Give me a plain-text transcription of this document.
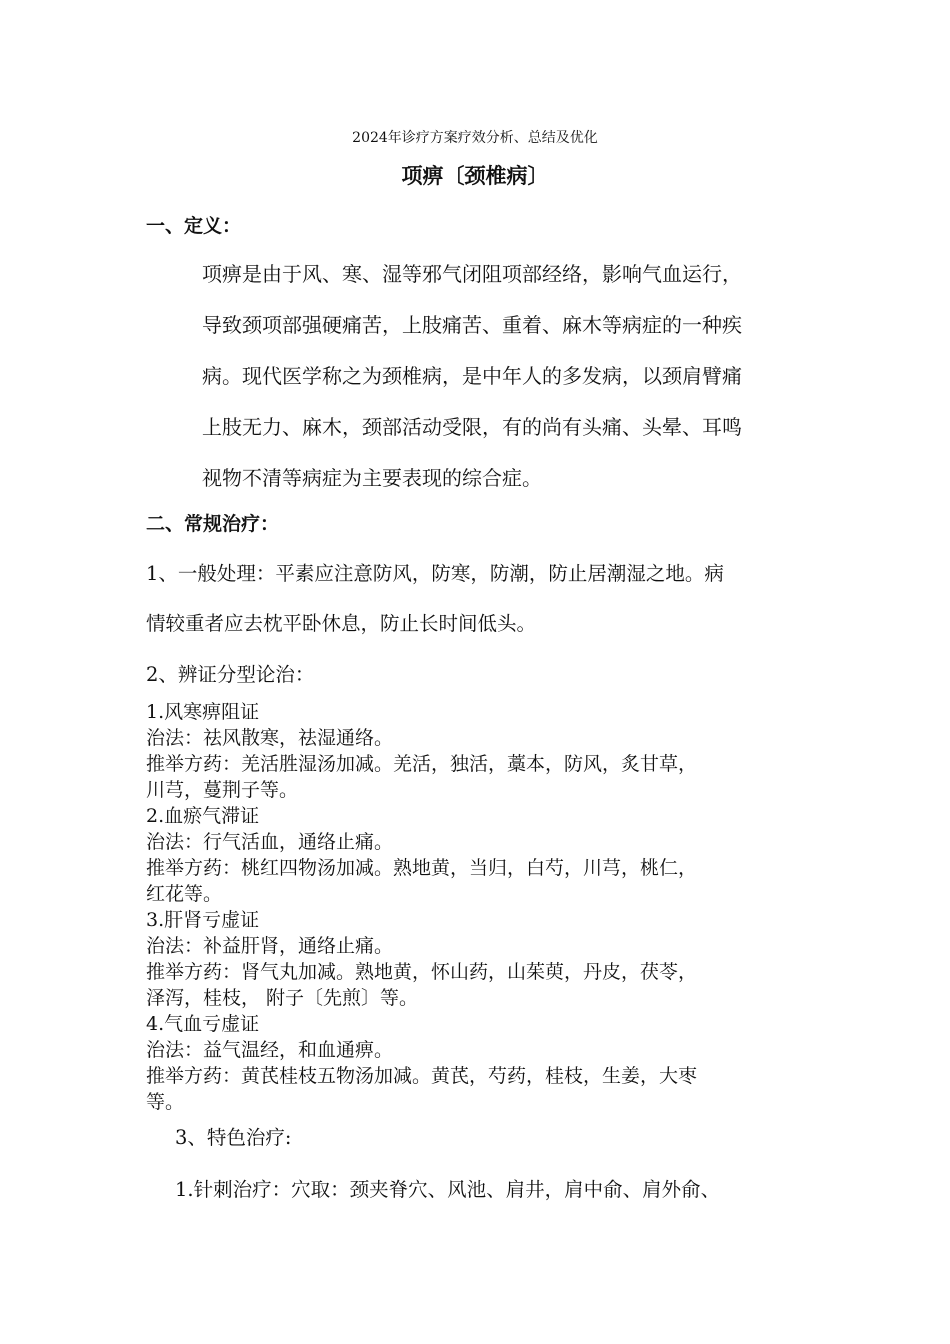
2024年诊疗方案疗效分析、总结及优化
项痹〔颈椎病〕
一、定义：
项痹是由于风、寒、湿等邪气闭阻项部经络，影响气血运行，
导致颈项部强硬痛苦，上肢痛苦、重着、麻木等病症的一种疾
病。现代医学称之为颈椎病，是中年人的多发病，以颈肩臂痛
上肢无力、麻木，颈部活动受限，有的尚有头痛、头晕、耳鸣
视物不清等病症为主要表现的综合症。
二、常规治疗：
1、一般处理：平素应注意防风，防寒，防潮，防止居潮湿之地。病
情较重者应去枕平卧休息，防止长时间低头。
2、辨证分型论治：
1.风寒痹阻证
治法：祛风散寒，祛湿通络。
推举方药：羌活胜湿汤加减。羌活，独活，藁本，防风，炙甘草，
川芎，蔓荆子等。
2.血瘀气滞证
治法：行气活血，通络止痛。
推举方药：桃红四物汤加减。熟地黄，当归，白芍，川芎，桃仁，
红花等。
3.肝肾亏虚证
治法：补益肝肾，通络止痛。
推举方药：肾气丸加减。熟地黄，怀山药，山茱萸，丹皮，茯苓，
泽泻，桂枝， 附子〔先煎〕等。
4.气血亏虚证
治法：益气温经，和血通痹。
推举方药：黄芪桂枝五物汤加减。黄芪，芍药，桂枝，生姜，大枣
等。
3、特色治疗:
1.针刺治疗：穴取：颈夹脊穴、风池、肩井，肩中俞、肩外俞、
